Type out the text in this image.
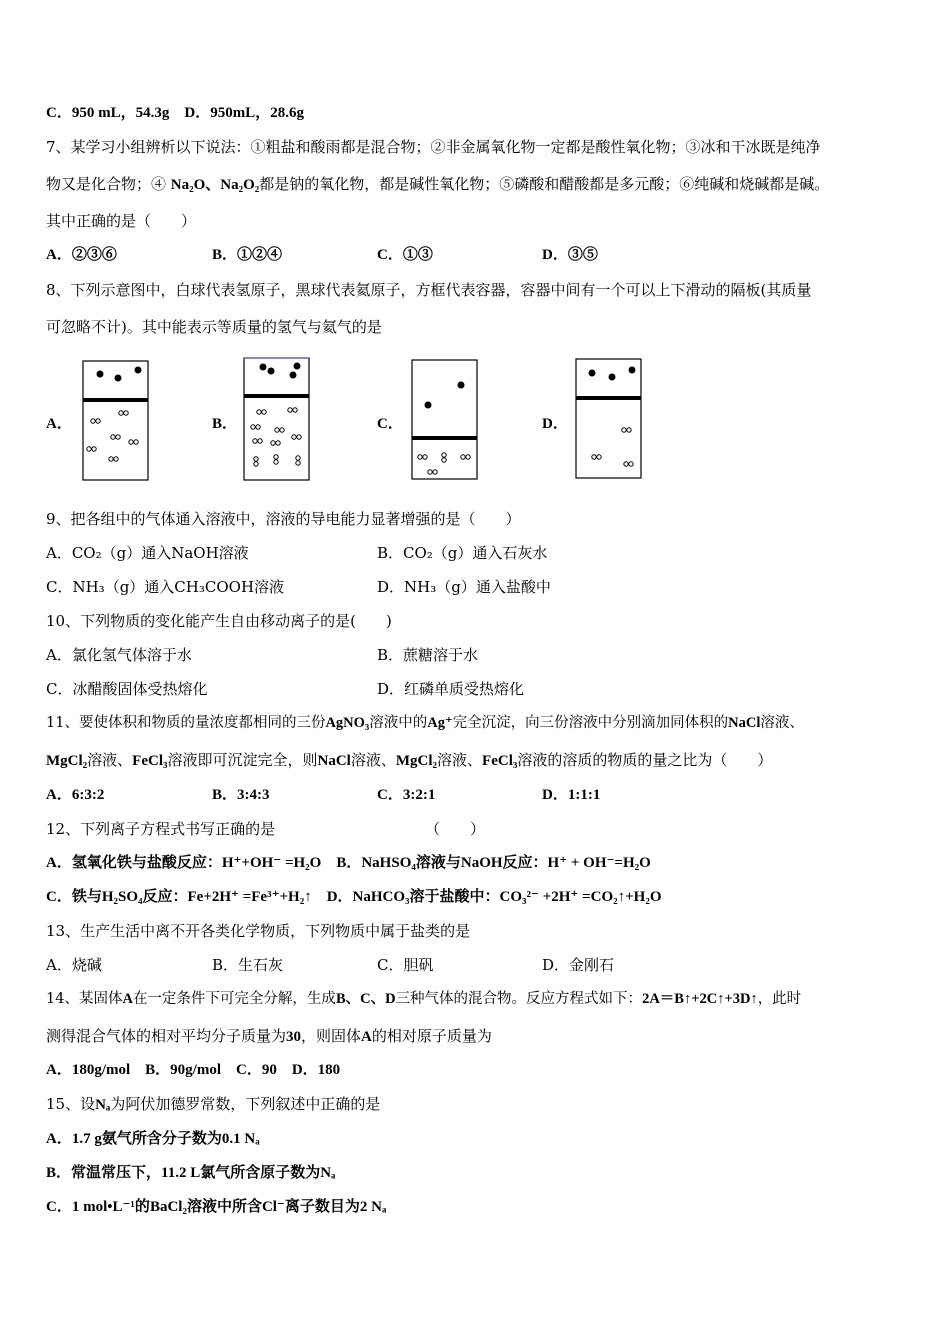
C．950 mL，54.3g　 D．950mL，28.6g
7、某学习小组辨析以下说法：①粗盐和酸雨都是混合物；②非金属氧化物一定都是酸性氧化物；③冰和干冰既是纯净
物又是化合物；④ Na₂O、Na₂O₂都是钠的氧化物，都是碱性氧化物；⑤磷酸和醋酸都是多元酸；⑥纯碱和烧碱都是碱。
其中正确的是（　　）
A．②③⑥	B．①②④	C．①③	D．③⑤
8、下列示意图中，白球代表氢原子，黑球代表氦原子，方框代表容器，容器中间有一个可以上下滑动的隔板(其质量
可忽略不计)。其中能表示等质量的氢气与氦气的是
A．	B．	C．	D．
9、把各组中的气体通入溶液中，溶液的导电能力显著增强的是（　　）
A．CO₂（g）通入NaOH溶液	B．CO₂（g）通入石灰水
C．NH₃（g）通入CH₃COOH溶液	D．NH₃（g）通入盐酸中
10、下列物质的变化能产生自由移动离子的是(　　)
A．氯化氢气体溶于水	B．蔗糖溶于水
C．冰醋酸固体受热熔化	D．红磷单质受热熔化
11、要使体积和物质的量浓度都相同的三份AgNO₃溶液中的Ag⁺完全沉淀，向三份溶液中分别滴加同体积的NaCl溶液、
MgCl₂溶液、FeCl₃溶液即可沉淀完全，则NaCl溶液、MgCl₂溶液、FeCl₃溶液的溶质的物质的量之比为（　　）
A．6:3:2	B．3:4:3	C．3:2:1	D．1:1:1
12、下列离子方程式书写正确的是	（　　）
A．氢氧化铁与盐酸反应：H⁺+OH⁻ =H₂O　B．NaHSO₄溶液与NaOH反应：H⁺ + OH⁻=H₂O
C．铁与H₂SO₄反应：Fe+2H⁺ =Fe³⁺+H₂↑　D．NaHCO₃溶于盐酸中：CO₃²⁻ +2H⁺ =CO₂↑+H₂O
13、生产生活中离不开各类化学物质，下列物质中属于盐类的是
A．烧碱	B．生石灰	C．胆矾	D．金刚石
14、某固体A在一定条件下可完全分解，生成B、C、D三种气体的混合物。反应方程式如下：2A＝B↑+2C↑+3D↑，此时
测得混合气体的相对平均分子质量为30，则固体A的相对原子质量为
A．180g/mol　B．90g/mol　C．90　D．180
15、设Nₐ为阿伏加德罗常数，下列叙述中正确的是
A．1.7 g氨气所含分子数为0.1 Nₐ
B．常温常压下，11.2 L氯气所含原子数为Nₐ
C．1 mol•L⁻¹的BaCl₂溶液中所含Cl⁻离子数目为2 Nₐ
